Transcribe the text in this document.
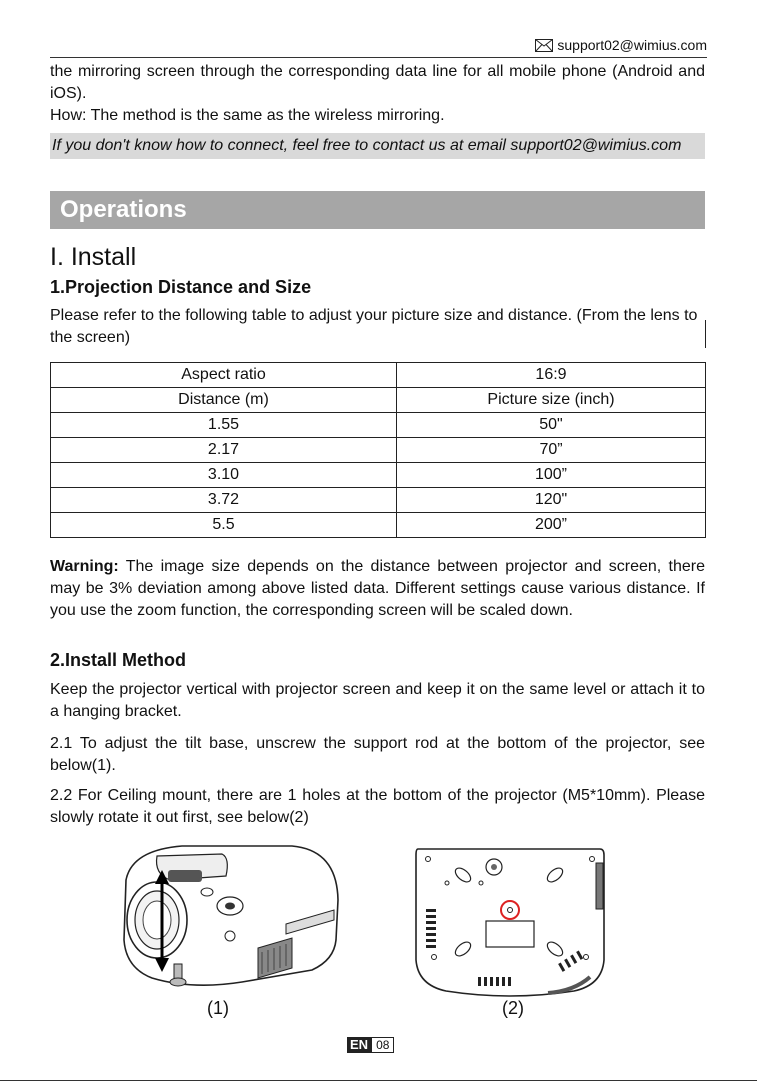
support02@wimius.com
the mirroring screen through the corresponding data line for all mobile phone (Android and iOS).
How: The method is the same as the wireless mirroring.
If you don't know how to connect, feel free to contact us at email support02@wimius.com
Operations
I. Install
1.Projection Distance and Size
Please refer to the following table to adjust your picture size and distance. (From the lens to the screen)
Aspect ratio	16:9
Distance (m)	Picture size (inch)
1.55	50"
2.17	70”
3.10	100”
3.72	120"
5.5	200”
Warning: The image size depends on the distance between projector and screen, there may be 3% deviation among above listed data. Different settings cause various distance. If you use the zoom function, the corresponding screen will be scaled down.
2.Install Method
Keep the projector vertical with projector screen and keep it on the same level or attach it to a hanging bracket.
2.1 To adjust the tilt base, unscrew the support rod at the bottom of the projector, see below(1).
2.2 For Ceiling mount, there are 1 holes at the bottom of the projector (M5*10mm). Please slowly rotate it out first, see below(2)
(1)	(2)
EN 08
